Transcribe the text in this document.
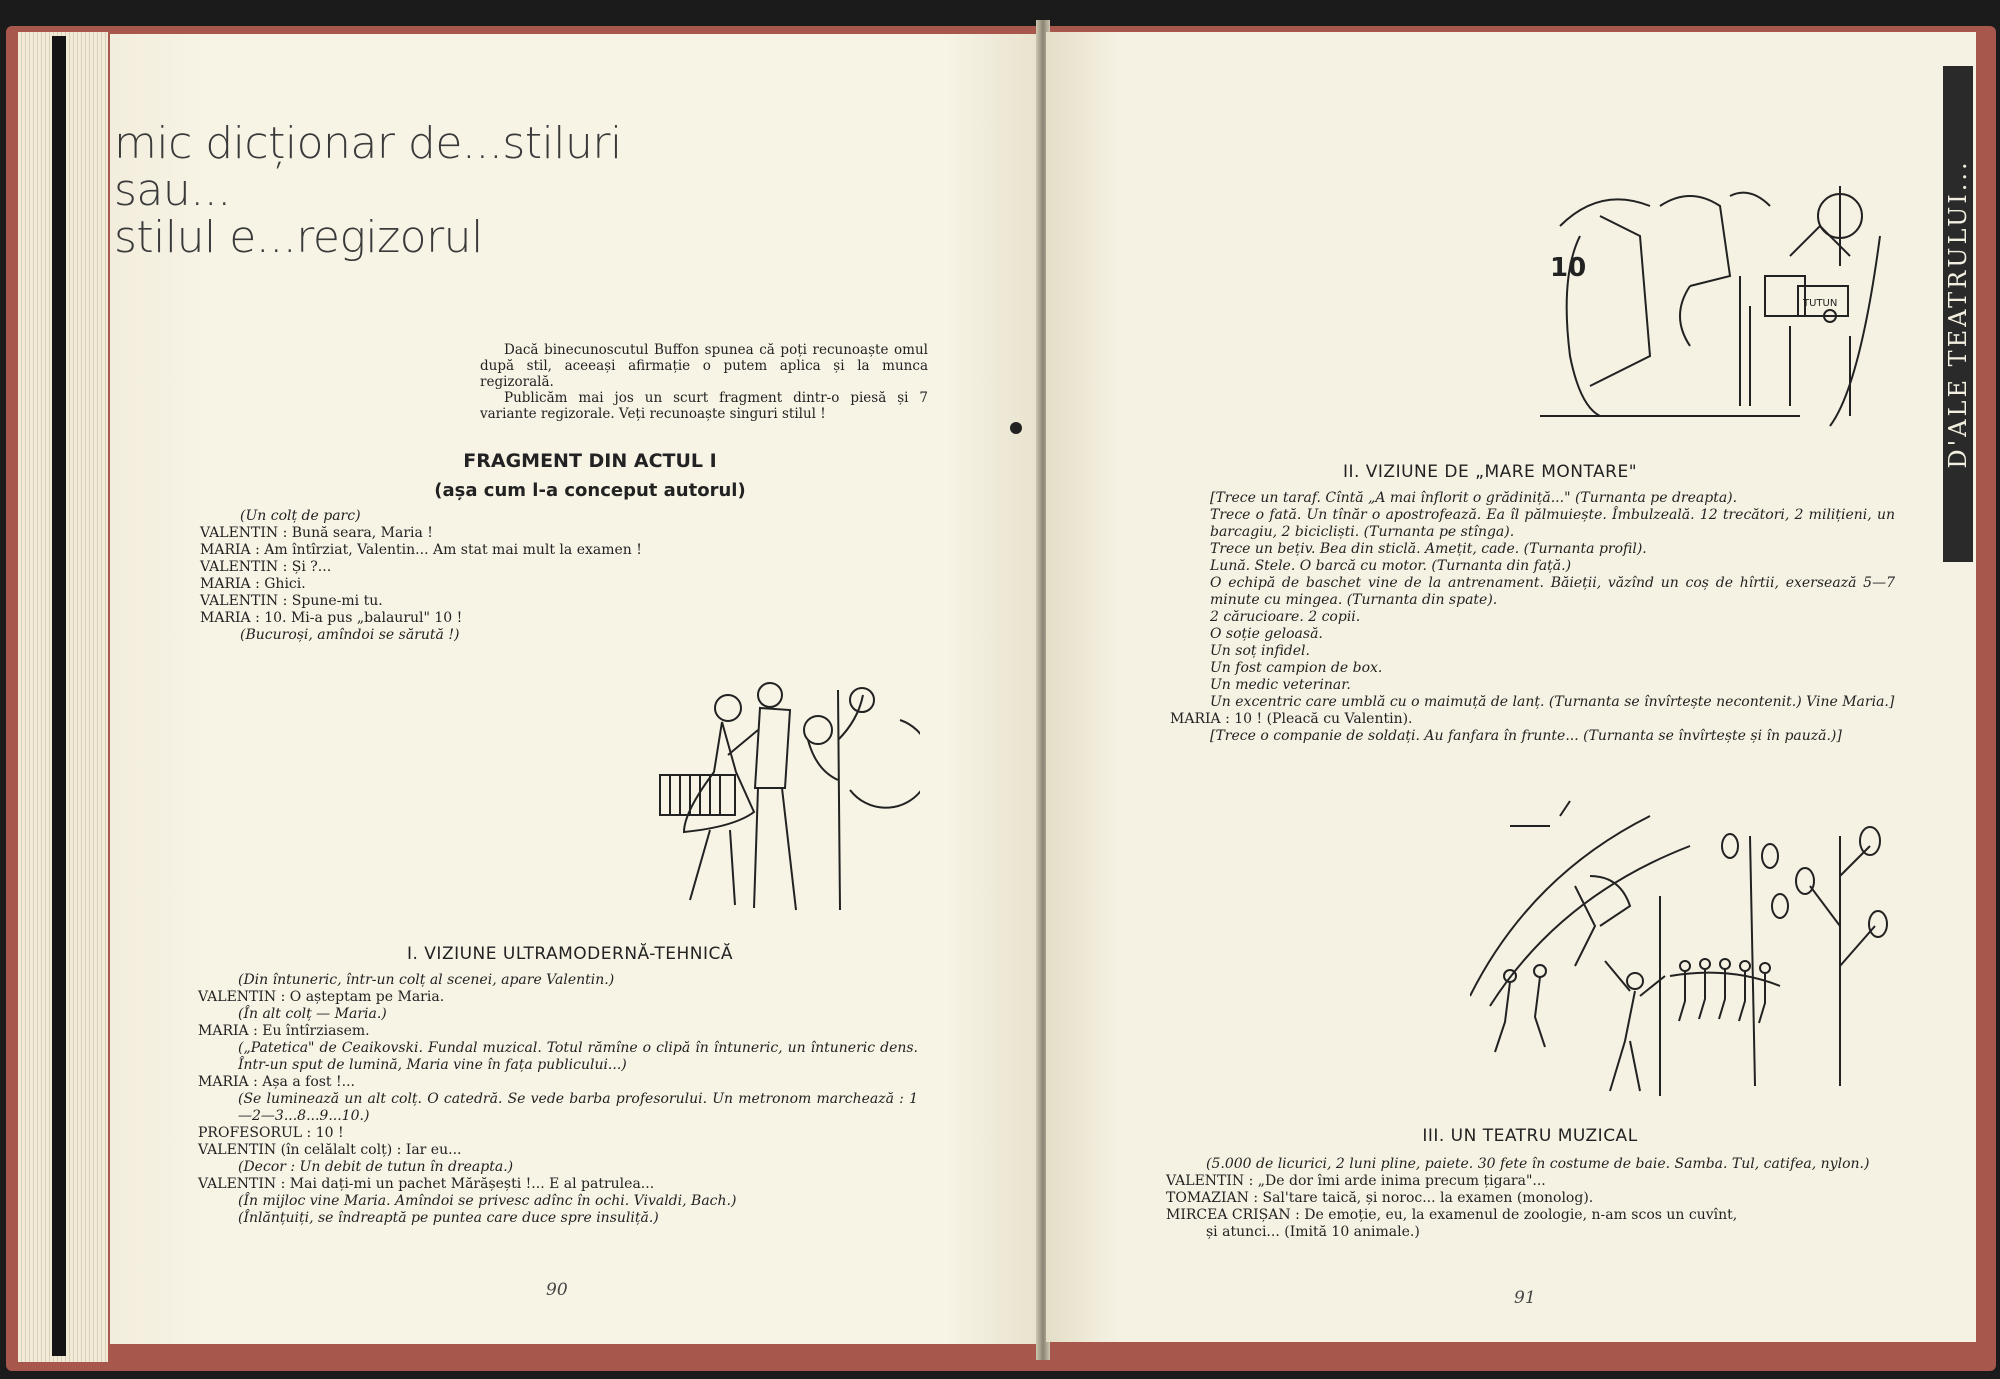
mic dicționar de...stiluri
sau...
stilul e...regizorul

Dacă binecunoscutul Buffon spunea că poți recunoaște omul după stil, aceeași afirmație o putem aplica și la munca regizorală.

Publicăm mai jos un scurt fragment dintr-o piesă și 7 variante regizorale. Veți recunoaște singuri stilul !

FRAGMENT DIN ACTUL I
(așa cum l-a conceput autorul)
(Un colț de parc)
VALENTIN : Bună seara, Maria !
MARIA : Am întîrziat, Valentin... Am stat mai mult la examen !
VALENTIN : Și ?...
MARIA : Ghici.
VALENTIN : Spune-mi tu.
MARIA : 10. Mi-a pus „balaurul" 10 !
(Bucuroși, amîndoi se sărută !)
I. VIZIUNE ULTRAMODERNĂ-TEHNICĂ
(Din întuneric, într-un colț al scenei, apare Valentin.)
VALENTIN : O așteptam pe Maria.
(În alt colț — Maria.)
MARIA : Eu întîrziasem.
(„Patetica" de Ceaikovski. Fundal muzical. Totul rămîne o clipă în întuneric, un întuneric dens. Într-un sput de lumină, Maria vine în fața publicului...)
MARIA : Așa a fost !...
(Se luminează un alt colț. O catedră. Se vede barba profesorului. Un metronom marchează : 1—2—3...8...9...10.)
PROFESORUL : 10 !
VALENTIN (în celălalt colț) : Iar eu...
(Decor : Un debit de tutun în dreapta.)
VALENTIN : Mai dați-mi un pachet Mărășești !... E al patrulea...
(În mijloc vine Maria. Amîndoi se privesc adînc în ochi. Vivaldi, Bach.)
(Înlănțuiți, se îndreaptă pe puntea care duce spre insuliță.)
90
D'ALE TEATRULUI...
10
TUTUN
II. VIZIUNE DE „MARE MONTARE"
[Trece un taraf. Cîntă „A mai înflorit o grădiniță..." (Turnanta pe dreapta).
Trece o fată. Un tînăr o apostrofează. Ea îl pălmuiește. Îmbulzeală. 12 trecători, 2 milițieni, un barcagiu, 2 bicicliști. (Turnanta pe stînga).
Trece un bețiv. Bea din sticlă. Amețit, cade. (Turnanta profil).
Lună. Stele. O barcă cu motor. (Turnanta din față.)
O echipă de baschet vine de la antrenament. Băieții, văzînd un coș de hîrtii, exersează 5—7 minute cu mingea. (Turnanta din spate).
2 cărucioare. 2 copii.
O soție geloasă.
Un soț infidel.
Un fost campion de box.
Un medic veterinar.
Un excentric care umblă cu o maimuță de lanț. (Turnanta se învîrtește necontenit.) Vine Maria.]
MARIA : 10 ! (Pleacă cu Valentin).
[Trece o companie de soldați. Au fanfara în frunte... (Turnanta se învîrtește și în pauză.)]
III. UN TEATRU MUZICAL
(5.000 de licurici, 2 luni pline, paiete. 30 fete în costume de baie. Samba. Tul, catifea, nylon.)
VALENTIN : „De dor îmi arde inima precum țigara"...
TOMAZIAN : Sal'tare taică, și noroc... la examen (monolog).
MIRCEA CRIȘAN : De emoție, eu, la examenul de zoologie, n-am scos un cuvînt,
și atunci... (Imită 10 animale.)
91
